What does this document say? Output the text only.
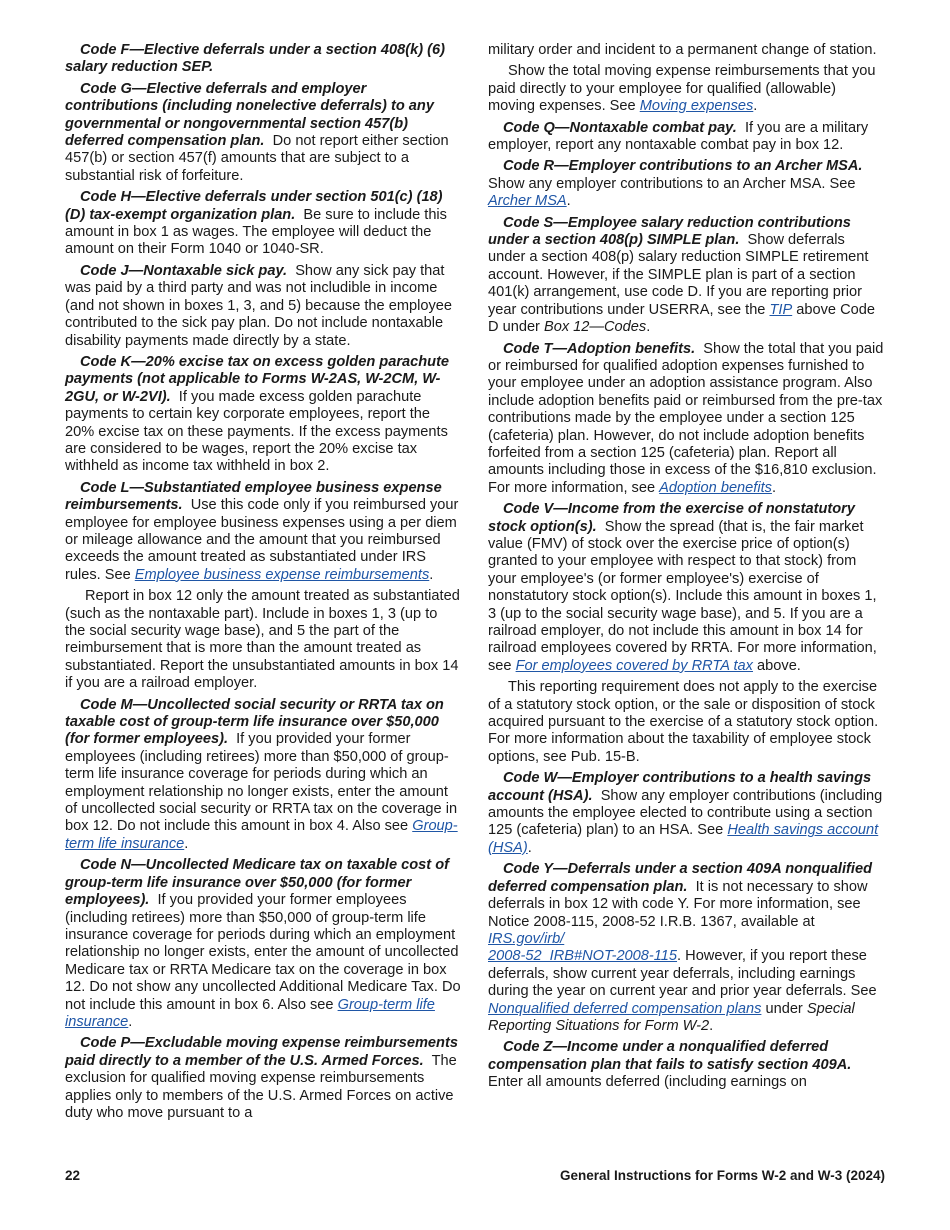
Code F—Elective deferrals under a section 408(k) (6) salary reduction SEP.

Code G—Elective deferrals and employer contributions (including nonelective deferrals) to any governmental or nongovernmental section 457(b) deferred compensation plan. Do not report either section 457(b) or section 457(f) amounts that are subject to a substantial risk of forfeiture.

Code H—Elective deferrals under section 501(c) (18)(D) tax-exempt organization plan. Be sure to include this amount in box 1 as wages. The employee will deduct the amount on their Form 1040 or 1040-SR.

Code J—Nontaxable sick pay. Show any sick pay that was paid by a third party and was not includible in income (and not shown in boxes 1, 3, and 5) because the employee contributed to the sick pay plan. Do not include nontaxable disability payments made directly by a state.

Code K—20% excise tax on excess golden parachute payments (not applicable to Forms W-2AS, W-2CM, W-2GU, or W-2VI). If you made excess golden parachute payments to certain key corporate employees, report the 20% excise tax on these payments. If the excess payments are considered to be wages, report the 20% excise tax withheld as income tax withheld in box 2.

Code L—Substantiated employee business expense reimbursements. Use this code only if you reimbursed your employee for employee business expenses using a per diem or mileage allowance and the amount that you reimbursed exceeds the amount treated as substantiated under IRS rules. See Employee business expense reimbursements.

Report in box 12 only the amount treated as substantiated (such as the nontaxable part). Include in boxes 1, 3 (up to the social security wage base), and 5 the part of the reimbursement that is more than the amount treated as substantiated. Report the unsubstantiated amounts in box 14 if you are a railroad employer.

Code M—Uncollected social security or RRTA tax on taxable cost of group-term life insurance over $50,000 (for former employees). If you provided your former employees (including retirees) more than $50,000 of group-term life insurance coverage for periods during which an employment relationship no longer exists, enter the amount of uncollected social security or RRTA tax on the coverage in box 12. Do not include this amount in box 4. Also see Group-term life insurance.

Code N—Uncollected Medicare tax on taxable cost of group-term life insurance over $50,000 (for former employees). If you provided your former employees (including retirees) more than $50,000 of group-term life insurance coverage for periods during which an employment relationship no longer exists, enter the amount of uncollected Medicare tax or RRTA Medicare tax on the coverage in box 12. Do not show any uncollected Additional Medicare Tax. Do not include this amount in box 6. Also see Group-term life insurance.

Code P—Excludable moving expense reimbursements paid directly to a member of the U.S. Armed Forces. The exclusion for qualified moving expense reimbursements applies only to members of the U.S. Armed Forces on active duty who move pursuant to a

military order and incident to a permanent change of station.

Show the total moving expense reimbursements that you paid directly to your employee for qualified (allowable) moving expenses. See Moving expenses.

Code Q—Nontaxable combat pay. If you are a military employer, report any nontaxable combat pay in box 12.

Code R—Employer contributions to an Archer MSA.  Show any employer contributions to an Archer MSA. See Archer MSA.

Code S—Employee salary reduction contributions under a section 408(p) SIMPLE plan. Show deferrals under a section 408(p) salary reduction SIMPLE retirement account. However, if the SIMPLE plan is part of a section 401(k) arrangement, use code D. If you are reporting prior year contributions under USERRA, see the TIP above Code D under Box 12—Codes.

Code T—Adoption benefits. Show the total that you paid or reimbursed for qualified adoption expenses furnished to your employee under an adoption assistance program. Also include adoption benefits paid or reimbursed from the pre-tax contributions made by the employee under a section 125 (cafeteria) plan. However, do not include adoption benefits forfeited from a section 125 (cafeteria) plan. Report all amounts including those in excess of the $16,810 exclusion. For more information, see Adoption benefits.

Code V—Income from the exercise of nonstatutory stock option(s). Show the spread (that is, the fair market value (FMV) of stock over the exercise price of option(s) granted to your employee with respect to that stock) from your employee's (or former employee's) exercise of nonstatutory stock option(s). Include this amount in boxes 1, 3 (up to the social security wage base), and 5. If you are a railroad employer, do not include this amount in box 14 for railroad employees covered by RRTA. For more information, see For employees covered by RRTA tax above.

This reporting requirement does not apply to the exercise of a statutory stock option, or the sale or disposition of stock acquired pursuant to the exercise of a statutory stock option. For more information about the taxability of employee stock options, see Pub. 15-B.

Code W—Employer contributions to a health savings account (HSA). Show any employer contributions (including amounts the employee elected to contribute using a section 125 (cafeteria) plan) to an HSA. See Health savings account (HSA).

Code Y—Deferrals under a section 409A nonqualified deferred compensation plan. It is not necessary to show deferrals in box 12 with code Y. For more information, see Notice 2008-115, 2008-52 I.R.B. 1367, available at IRS.gov/irb/
2008-52_IRB#NOT-2008-115. However, if you report these deferrals, show current year deferrals, including earnings during the year on current year and prior year deferrals. See Nonqualified deferred compensation plans under Special Reporting Situations for Form W-2.

Code Z—Income under a nonqualified deferred compensation plan that fails to satisfy section 409A. Enter all amounts deferred (including earnings on

22	General Instructions for Forms W-2 and W-3 (2024)
